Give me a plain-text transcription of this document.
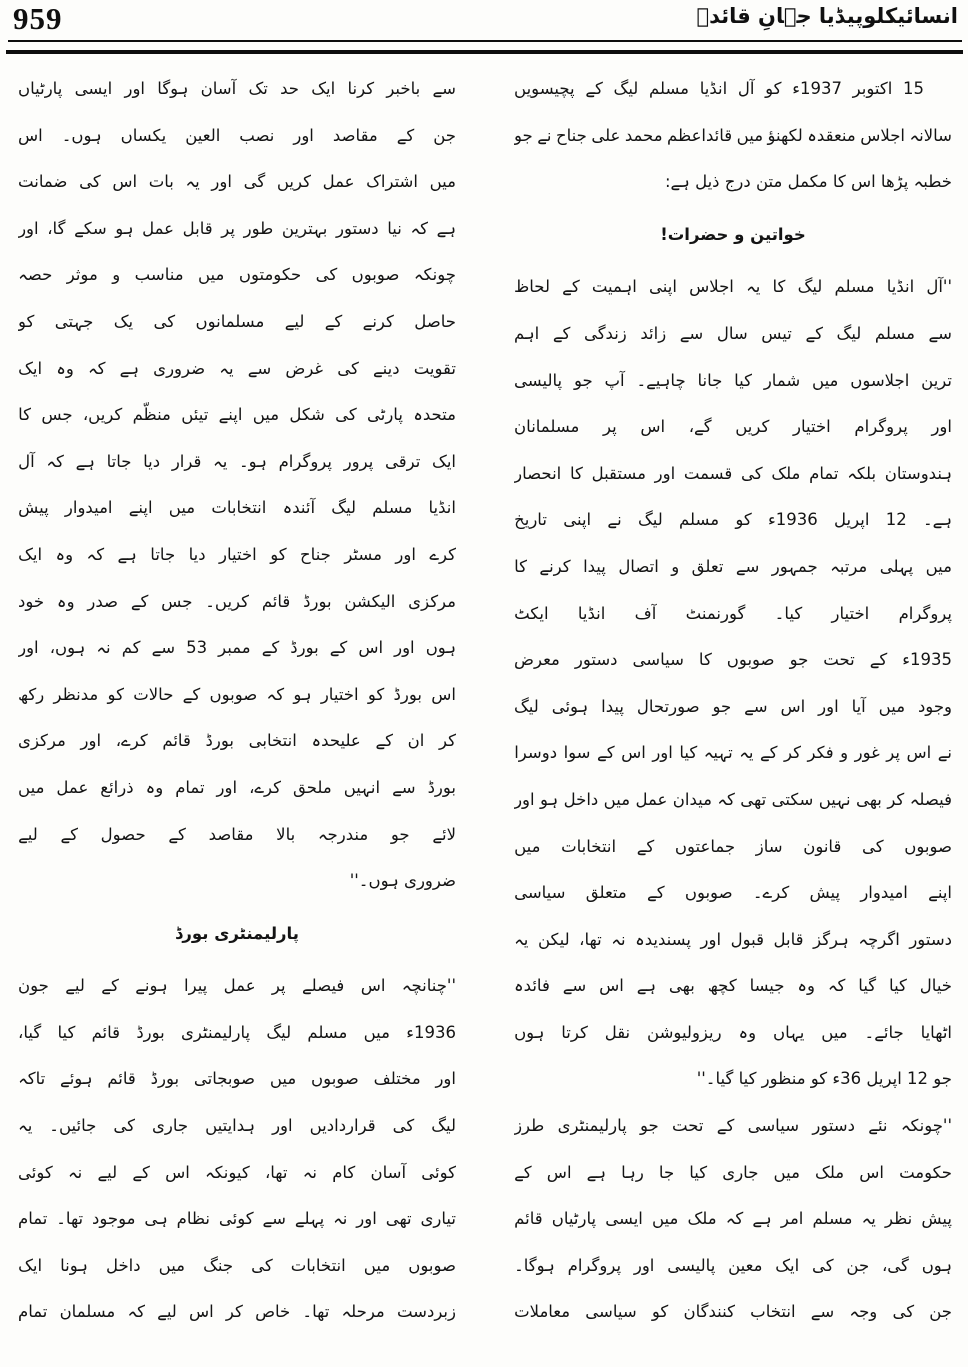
959	انسائیکلوپیڈیا جہانِ قائدؒ
15
اکتوبر
1937ء
کو
آل
انڈیا
مسلم
لیگ
کے
پچیسویں
سالانہ
اجلاس
منعقدہ
لکھنؤ
میں
قائداعظم
محمد
علی
جناح
نے
جو
خطبہ پڑھا اس کا مکمل متن درج ذیل ہے:
خواتین و حضرات!
''آل
انڈیا
مسلم
لیگ
کا
یہ
اجلاس
اپنی
اہمیت
کے
لحاظ
سے
مسلم
لیگ
کے
تیس
سال
سے
زائد
زندگی
کے
اہم
ترین
اجلاسوں
میں
شمار
کیا
جانا
چاہیے۔
آپ
جو
پالیسی
اور
پروگرام
اختیار
کریں
گے،
اس
پر
مسلمانان
ہندوستان
بلکہ
تمام
ملک
کی
قسمت
اور
مستقبل
کا
انحصار
ہے۔
12
اپریل
1936ء
کو
مسلم
لیگ
نے
اپنی
تاریخ
میں
پہلی
مرتبہ
جمہور
سے
تعلق
و
اتصال
پیدا
کرنے
کا
پروگرام
اختیار
کیا۔
گورنمنٹ
آف
انڈیا
ایکٹ
1935ء
کے
تحت
جو
صوبوں
کا
سیاسی
دستور
معرض
وجود
میں
آیا
اور
اس
سے
جو
صورتحال
پیدا
ہوئی
لیگ
نے
اس
پر
غور
و
فکر
کر
کے
یہ
تہیہ
کیا
اور
اس
کے
سوا
دوسرا
فیصلہ
کر
بھی
نہیں
سکتی
تھی
کہ
میدان
عمل
میں
داخل
ہو
اور
صوبوں
کی
قانون
ساز
جماعتوں
کے
انتخابات
میں
اپنے
امیدوار
پیش
کرے۔
صوبوں
کے
متعلق
سیاسی
دستور
اگرچہ
ہرگز
قابل
قبول
اور
پسندیدہ
نہ
تھا،
لیکن
یہ
خیال
کیا
گیا
کہ
وہ
جیسا
کچھ
بھی
ہے
اس
سے
فائدہ
اٹھایا
جائے۔
میں
یہاں
وہ
ریزولیوشن
نقل
کرتا
ہوں
جو 12 اپریل 36ء کو منظور کیا گیا۔''
''چونکہ
نئے
دستور
سیاسی
کے
تحت
جو
پارلیمنٹری
طرز
حکومت
اس
ملک
میں
جاری
کیا
جا
رہا
ہے
اس
کے
پیش
نظر
یہ
مسلم
امر
ہے
کہ
ملک
میں
ایسی
پارٹیاں
قائم
ہوں
گی،
جن
کی
ایک
معین
پالیسی
اور
پروگرام
ہوگا۔
جن
کی
وجہ
سے
انتخاب
کنندگان
کو
سیاسی
معاملات
سے
باخبر
کرنا
ایک
حد
تک
آسان
ہوگا
اور
ایسی
پارٹیاں
جن
کے
مقاصد
اور
نصب
العین
یکساں
ہوں۔
اس
میں
اشتراک
عمل
کریں
گی
اور
یہ
بات
اس
کی
ضمانت
ہے
کہ
نیا
دستور
بہترین
طور
پر
قابل
عمل
ہو
سکے
گا،
اور
چونکہ
صوبوں
کی
حکومتوں
میں
مناسب
و
موثر
حصہ
حاصل
کرنے
کے
لیے
مسلمانوں
کی
یک
جہتی
کو
تقویت
دینے
کی
غرض
سے
یہ
ضروری
ہے
کہ
وہ
ایک
متحدہ
پارٹی
کی
شکل
میں
اپنے
تیئں
منظّم
کریں،
جس
کا
ایک
ترقی
پرور
پروگرام
ہو۔
یہ
قرار
دیا
جاتا
ہے
کہ
آل
انڈیا
مسلم
لیگ
آئندہ
انتخابات
میں
اپنے
امیدوار
پیش
کرے
اور
مسٹر
جناح
کو
اختیار
دیا
جاتا
ہے
کہ
وہ
ایک
مرکزی
الیکشن
بورڈ
قائم
کریں۔
جس
کے
صدر
وہ
خود
ہوں
اور
اس
کے
بورڈ
کے
ممبر
53
سے
کم
نہ
ہوں،
اور
اس
بورڈ
کو
اختیار
ہو
کہ
صوبوں
کے
حالات
کو
مدنظر
رکھ
کر
ان
کے
علیحدہ
انتخابی
بورڈ
قائم
کرے،
اور
مرکزی
بورڈ
سے
انہیں
ملحق
کرے،
اور
تمام
وہ
ذرائع
عمل
میں
لائے
جو
مندرجہ
بالا
مقاصد
کے
حصول
کے
لیے
ضروری ہوں۔''
پارلیمنٹری بورڈ
''چنانچہ
اس
فیصلے
پر
عمل
پیرا
ہونے
کے
لیے
جون
1936ء
میں
مسلم
لیگ
پارلیمنٹری
بورڈ
قائم
کیا
گیا،
اور
مختلف
صوبوں
میں
صوبجاتی
بورڈ
قائم
ہوئے
تاکہ
لیگ
کی
قراردادیں
اور
ہدایتیں
جاری
کی
جائیں۔
یہ
کوئی
آسان
کام
نہ
تھا،
کیونکہ
اس
کے
لیے
نہ
کوئی
تیاری
تھی
اور
نہ
پہلے
سے
کوئی
نظام
ہی
موجود
تھا۔
تمام
صوبوں
میں
انتخابات
کی
جنگ
میں
داخل
ہونا
ایک
زبردست
مرحلہ
تھا۔
خاص
کر
اس
لیے
کہ
مسلمان
تمام
